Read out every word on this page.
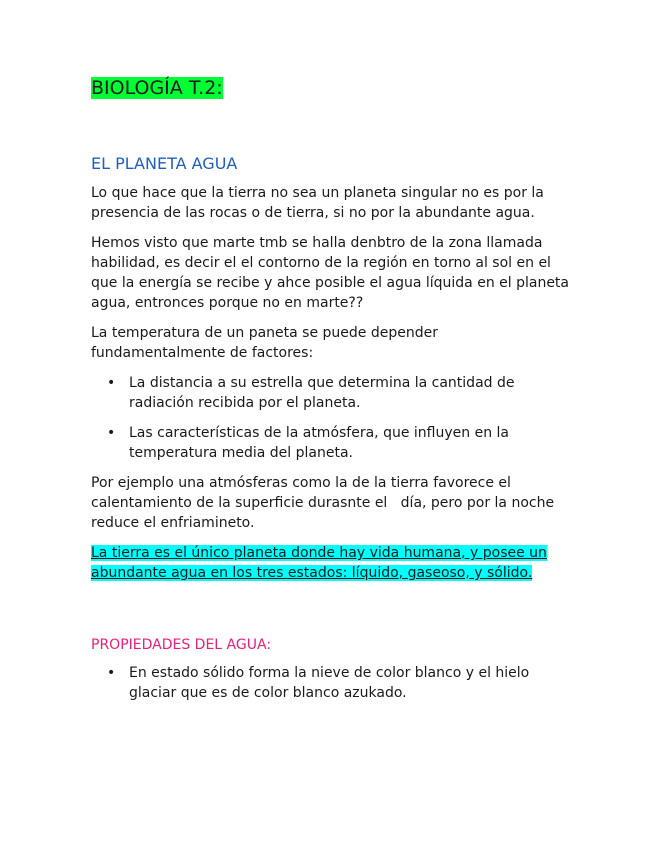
BIOLOGÍA T.2:
EL PLANETA AGUA

Lo que hace que la tierra no sea un planeta singular no es por la presencia de las rocas o de tierra, si no por la abundante agua.

Hemos visto que marte tmb se halla denbtro de la zona llamada habilidad, es decir el el contorno de la región en torno al sol en el que la energía se recibe y ahce posible el agua líquida en el planeta agua, entronces porque no en marte??

La temperatura de un paneta se puede depender fundamentalmente de factores:

• La distancia a su estrella que determina la cantidad de radiación recibida por el planeta.
• Las características de la atmósfera, que influyen en la temperatura media del planeta.

Por ejemplo una atmósferas como la de la tierra favorece el calentamiento de la superficie durasnte el   día, pero por la noche reduce el enfriamineto.

La tierra es el único planeta donde hay vida humana, y posee un abundante agua en los tres estados: líquido, gaseoso, y sólido.

PROPIEDADES DEL AGUA:
• En estado sólido forma la nieve de color blanco y el hielo glaciar que es de color blanco azukado.
